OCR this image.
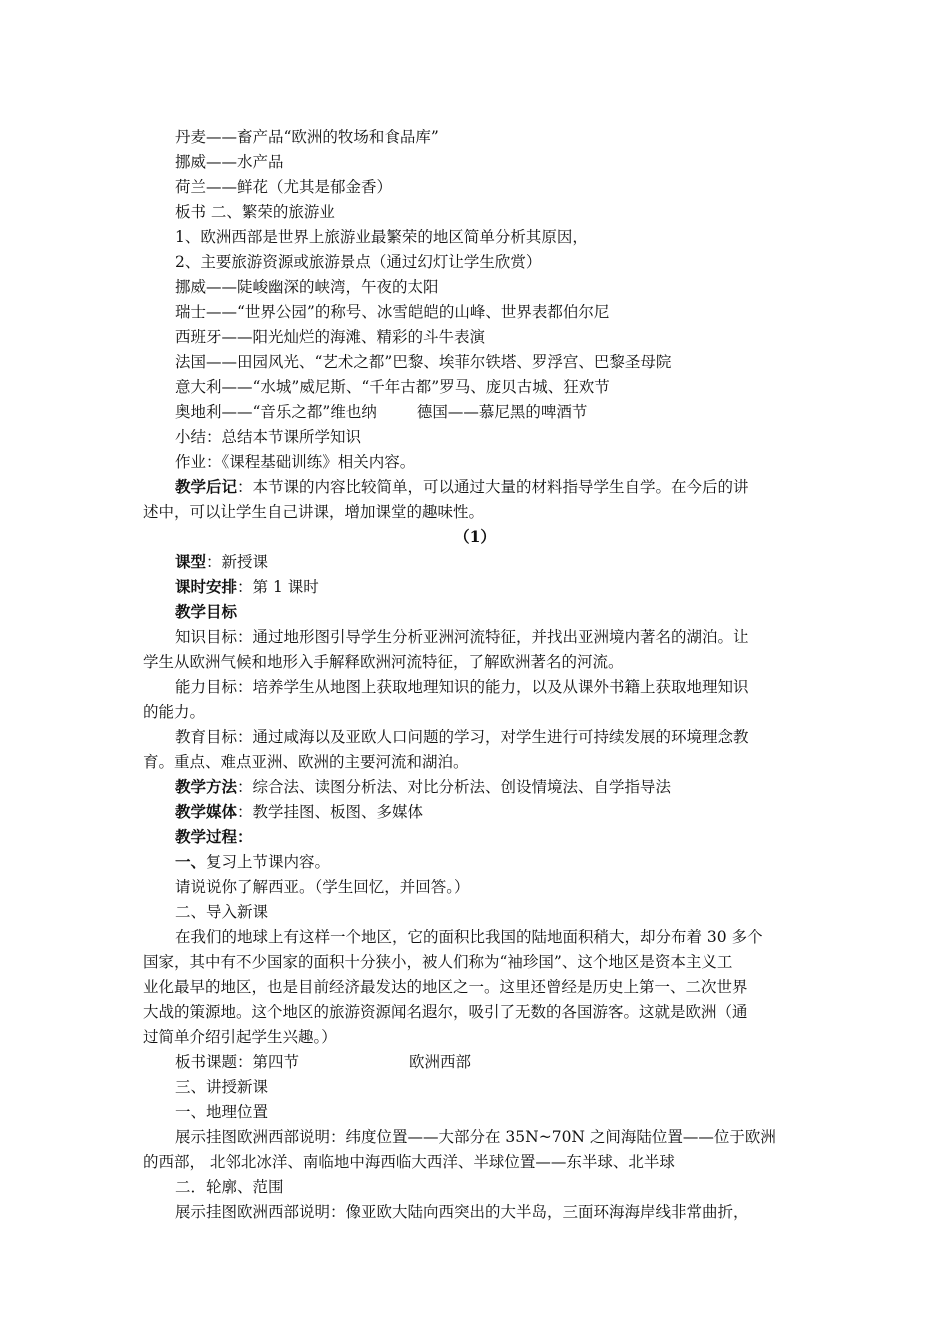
丹麦——畜产品“欧洲的牧场和食品库”
挪威——水产品
荷兰——鲜花（尤其是郁金香）
板书 二、繁荣的旅游业
1、欧洲西部是世界上旅游业最繁荣的地区简单分析其原因，
2、主要旅游资源或旅游景点（通过幻灯让学生欣赏）
挪威——陡峻幽深的峡湾，午夜的太阳
瑞士——“世界公园”的称号、冰雪皑皑的山峰、世界表都伯尔尼
西班牙——阳光灿烂的海滩、精彩的斗牛表演
法国——田园风光、“艺术之都”巴黎、埃菲尔铁塔、罗浮宫、巴黎圣母院
意大利——“水城”威尼斯、“千年古都”罗马、庞贝古城、狂欢节
奥地利——“音乐之都”维也纳	德国——慕尼黑的啤酒节
小结：总结本节课所学知识
作业：《课程基础训练》相关内容。
教学后记：本节课的内容比较简单，可以通过大量的材料指导学生自学。在今后的讲
述中，可以让学生自己讲课，增加课堂的趣味性。
（1）
课型：新授课
课时安排：第 1 课时
教学目标
知识目标：通过地形图引导学生分析亚洲河流特征，并找出亚洲境内著名的湖泊。让
学生从欧洲气候和地形入手解释欧洲河流特征，了解欧洲著名的河流。
能力目标：培养学生从地图上获取地理知识的能力，以及从课外书籍上获取地理知识
的能力。
教育目标：通过咸海以及亚欧人口问题的学习，对学生进行可持续发展的环境理念教
育。重点、难点亚洲、欧洲的主要河流和湖泊。
教学方法：综合法、读图分析法、对比分析法、创设情境法、自学指导法
教学媒体：教学挂图、板图、多媒体
教学过程：
一、复习上节课内容。
请说说你了解西亚。（学生回忆，并回答。）
二、导入新课
在我们的地球上有这样一个地区，它的面积比我国的陆地面积稍大，却分布着 30 多个
国家，其中有不少国家的面积十分狭小，被人们称为“袖珍国”、这个地区是资本主义工
业化最早的地区，也是目前经济最发达的地区之一。这里还曾经是历史上第一、二次世界
大战的策源地。这个地区的旅游资源闻名遐尔，吸引了无数的各国游客。这就是欧洲（通
过简单介绍引起学生兴趣。）
板书课题：第四节	欧洲西部
三、讲授新课
一、地理位置
展示挂图欧洲西部说明：纬度位置——大部分在 35N~70N 之间海陆位置——位于欧洲
的西部， 北邻北冰洋、南临地中海西临大西洋、半球位置——东半球、北半球
二．轮廓、范围
展示挂图欧洲西部说明：像亚欧大陆向西突出的大半岛，三面环海海岸线非常曲折，
